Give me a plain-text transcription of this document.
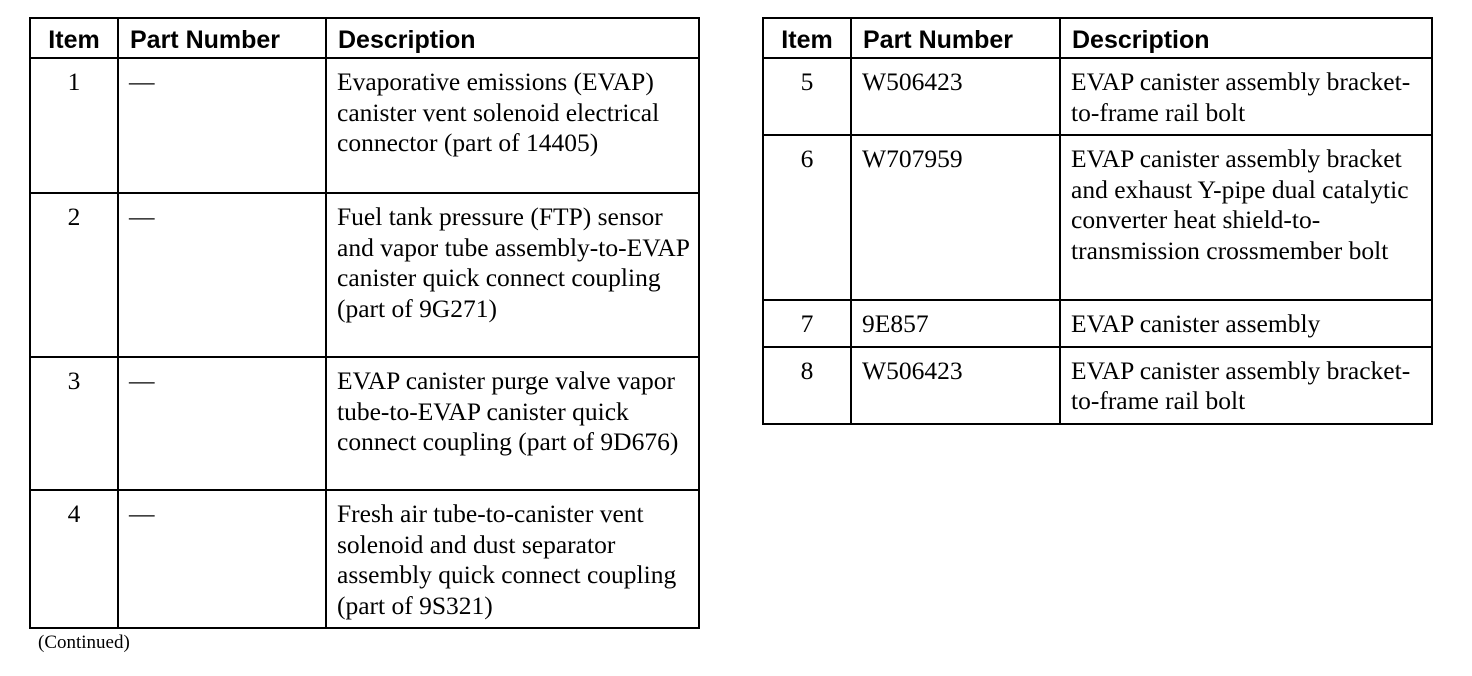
Item	Part Number	Description
1	—	Evaporative emissions (EVAP) canister vent solenoid electrical connector (part of 14405)
2	—	Fuel tank pressure (FTP) sensor and vapor tube assembly-to-EVAP canister quick connect coupling (part of 9G271)
3	—	EVAP canister purge valve vapor tube-to-EVAP canister quick connect coupling (part of 9D676)
4	—	Fresh air tube-to-canister vent solenoid and dust separator assembly quick connect coupling (part of 9S321)
Item	Part Number	Description
5	W506423	EVAP canister assembly bracket-to-frame rail bolt
6	W707959	EVAP canister assembly bracket and exhaust Y-pipe dual catalytic converter heat shield-to-transmission crossmember bolt
7	9E857	EVAP canister assembly
8	W506423	EVAP canister assembly bracket-to-frame rail bolt
(Continued)
